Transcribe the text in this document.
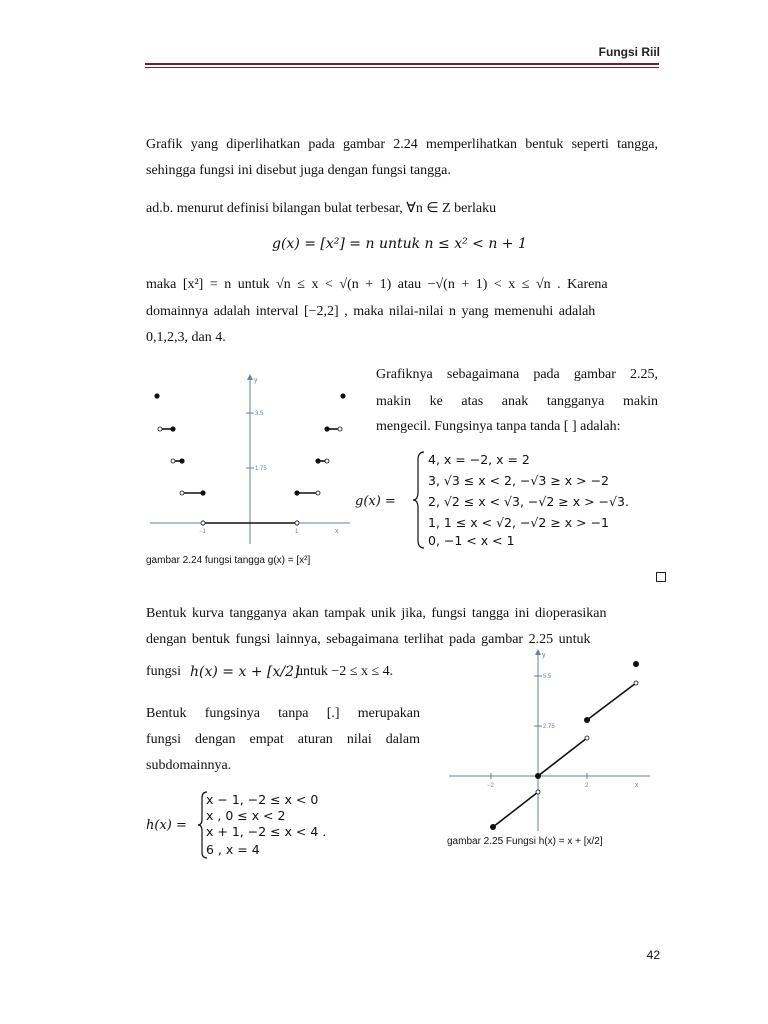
Fungsi Riil
Grafik yang diperlihatkan pada gambar 2.24 memperlihatkan bentuk seperti tangga, sehingga fungsi ini disebut juga dengan fungsi tangga.
ad.b. menurut definisi bilangan bulat terbesar, ∀n ∈ Z berlaku
g(x) = [x²] = n untuk n ≤ x² < n + 1
maka [x²] = n untuk √n ≤ x < √(n + 1) atau −√(n + 1) < x ≤ √n . Karena
domainnya adalah interval [−2,2] , maka nilai-nilai n yang memenuhi adalah
0,1,2,3, dan 4.
y
x
3.5
1.75
−1	1
gambar 2.24 fungsi tangga g(x) = [x²]
Grafiknya sebagaimana pada gambar 2.25,
makin ke atas anak tangganya makin
mengecil. Fungsinya tanpa tanda [ ] adalah:
g(x) =
4, x = −2, x = 2
3, √3 ≤ x < 2, −√3 ≥ x > −2
2, √2 ≤ x < √3, −√2 ≥ x > −√3.
1, 1 ≤ x < √2, −√2 ≥ x > −1
0, −1 < x < 1
Bentuk kurva tangganya akan tampak unik jika, fungsi tangga ini dioperasikan
dengan bentuk fungsi lainnya, sebagaimana terlihat pada gambar 2.25 untuk
fungsi h(x) = x + [x/2]
untuk −2 ≤ x ≤ 4.
y
x
5.5
2.75
−2	2
gambar 2.25 Fungsi h(x) = x + [x/2]
Bentuk fungsinya tanpa [.] merupakan
fungsi dengan empat aturan nilai dalam
subdomainnya.
h(x) =
x − 1, −2 ≤ x < 0
x , 0 ≤ x < 2
x + 1, −2 ≤ x < 4 .
6 , x = 4
42
